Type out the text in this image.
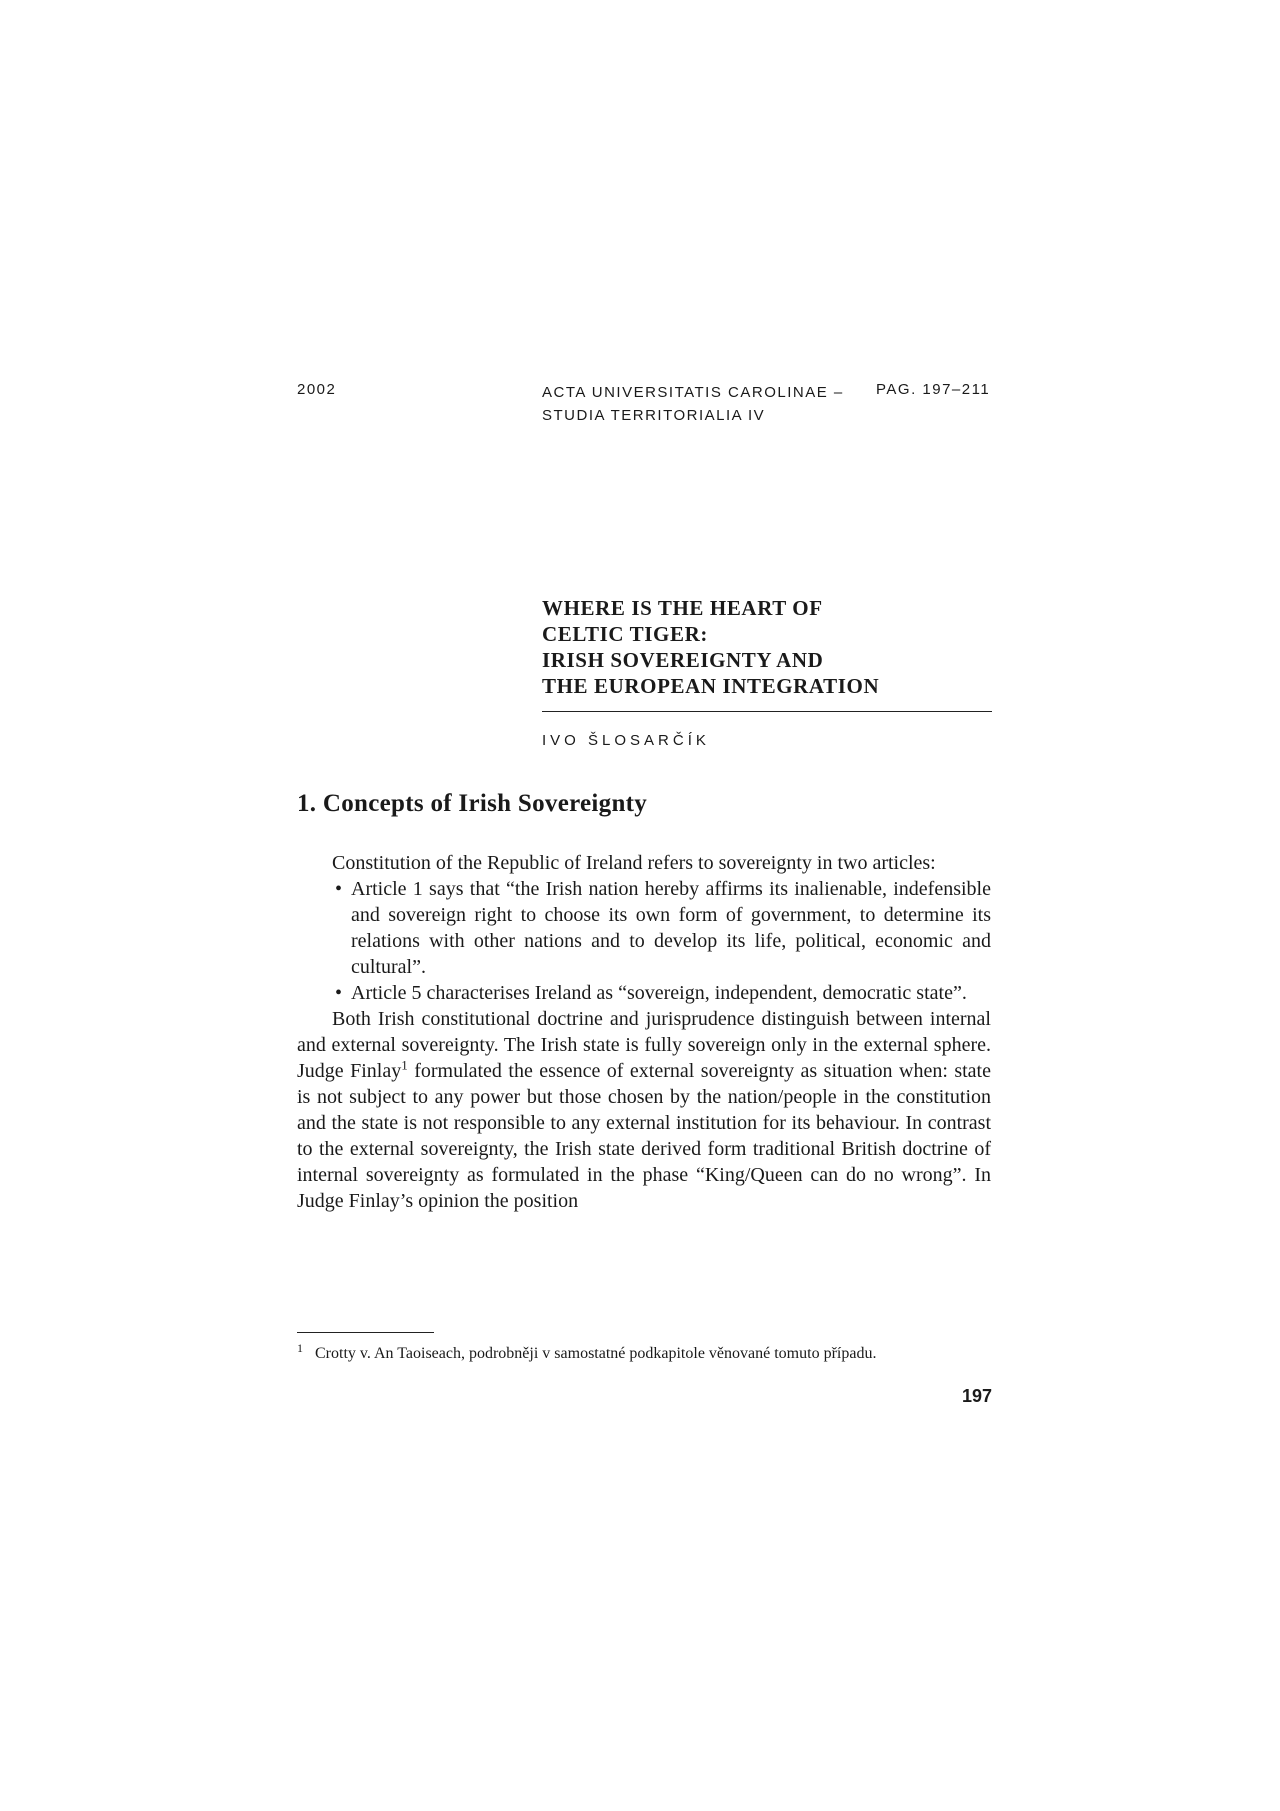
2002	ACTA UNIVERSITATIS CAROLINAE –
STUDIA TERRITORIALIA IV
PAG. 197–211
WHERE IS THE HEART OF
CELTIC TIGER:
IRISH SOVEREIGNTY AND
THE EUROPEAN INTEGRATION
IVO ŠLOSARČÍK
1. Concepts of Irish Sovereignty

Constitution of the Republic of Ireland refers to sovereignty in two articles:

• Article 1 says that “the Irish nation hereby affirms its inalienable, indefensible and sovereign right to choose its own form of government, to determine its relations with other nations and to develop its life, political, economic and cultural”.
• Article 5 characterises Ireland as “sovereign, independent, democratic state”.

Both Irish constitutional doctrine and jurisprudence distinguish between internal and external sovereignty. The Irish state is fully sovereign only in the external sphere. Judge Finlay$^1$ formulated the essence of external sovereignty as situation when: state is not subject to any power but those chosen by the nation/people in the constitution and the state is not responsible to any external institution for its behaviour. In contrast to the external sovereignty, the Irish state derived form traditional British doctrine of internal sovereignty as formulated in the phase “King/Queen can do no wrong”. In Judge Finlay’s opinion the position

1 Crotty v. An Taoiseach, podrobněji v samostatné podkapitole věnované tomuto případu.
197
